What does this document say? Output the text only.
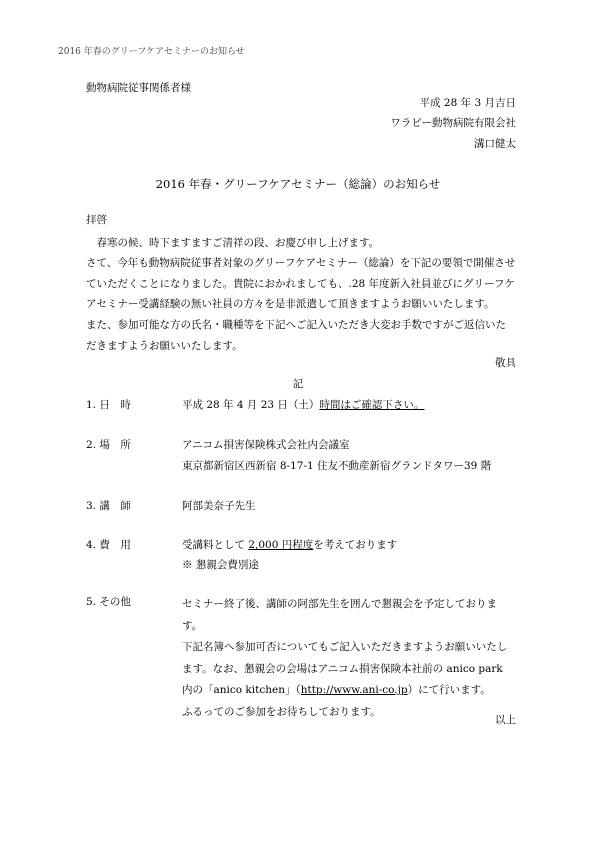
2016 年春のグリーフケアセミナーのお知らせ
動物病院従事関係者様
平成 28 年 3 月吉日
ワラビー動物病院有限会社
溝口健太
2016 年春・グリーフケアセミナー（総論）のお知らせ
拝啓
春寒の候、時下ますますご清祥の段、お慶び申し上げます。
さて、今年も動物病院従事者対象のグリーフケアセミナー（総論）を下記の要領で開催させていただくことになりました。貴院におかれましても、.28 年度新入社員並びにグリーフケアセミナー受講経験の無い社員の方々を是非派遣して頂きますようお願いいたします。
また、参加可能な方の氏名・職種等を下記へご記入いただき大変お手数ですがご返信いただきますようお願いいたします。
敬具
記
1. 日　時	平成 28 年 4 月 23 日（土）時間はご確認下さい。
2. 場　所	アニコム損害保険株式会社内会議室
東京都新宿区西新宿 8-17-1 住友不動産新宿グランドタワー39 階
3. 講　師	阿部美奈子先生
4. 費　用	受講料として 2,000 円程度を考えております
※ 懇親会費別途
5. その他	セミナー終了後、講師の阿部先生を囲んで懇親会を予定しております。
下記名簿へ参加可否についてもご記入いただきますようお願いいたします。なお、懇親会の会場はアニコム損害保険本社前の anico park 内の「anico kitchen」（http://www.ani-co.jp）にて行います。
ふるってのご参加をお待ちしております。
以上
